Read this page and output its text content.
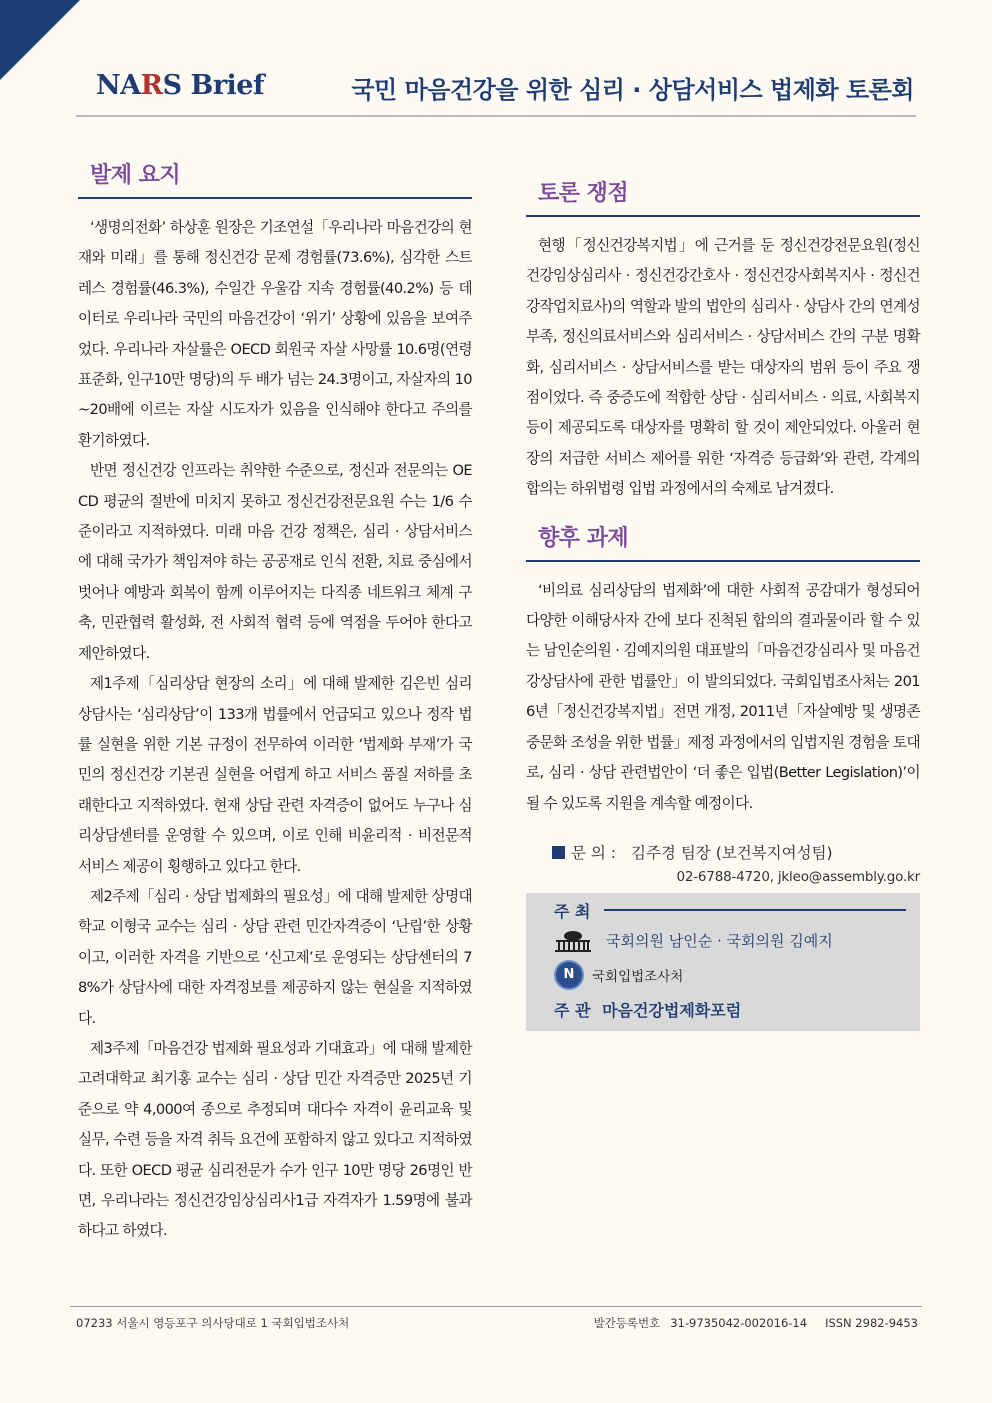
NARS Brief	국민 마음건강을 위한 심리 · 상담서비스 법제화 토론회
발제 요지

‘생명의전화’ 하상훈 원장은 기조연설「우리나라 마음건강의 현재와 미래」를 통해 정신건강 문제 경험률(73.6%), 심각한 스트레스 경험률(46.3%), 수일간 우울감 지속 경험률(40.2%) 등 데이터로 우리나라 국민의 마음건강이 ‘위기’ 상황에 있음을 보여주었다. 우리나라 자살률은 OECD 회원국 자살 사망률 10.6명(연령 표준화, 인구10만 명당)의 두 배가 넘는 24.3명이고, 자살자의 10~20배에 이르는 자살 시도자가 있음을 인식해야 한다고 주의를 환기하였다.

반면 정신건강 인프라는 취약한 수준으로, 정신과 전문의는 OECD 평균의 절반에 미치지 못하고 정신건강전문요원 수는 1/6 수준이라고 지적하였다. 미래 마음 건강 정책은, 심리 · 상담서비스에 대해 국가가 책임져야 하는 공공재로 인식 전환, 치료 중심에서 벗어나 예방과 회복이 함께 이루어지는 다직종 네트워크 체계 구축, 민관협력 활성화, 전 사회적 협력 등에 역점을 두어야 한다고 제안하였다.

제1주제「심리상담 현장의 소리」에 대해 발제한 김은빈 심리상담사는 ‘심리상담’이 133개 법률에서 언급되고 있으나 정작 법률 실현을 위한 기본 규정이 전무하여 이러한 ‘법제화 부재’가 국민의 정신건강 기본권 실현을 어렵게 하고 서비스 품질 저하를 초래한다고 지적하였다. 현재 상담 관련 자격증이 없어도 누구나 심리상담센터를 운영할 수 있으며, 이로 인해 비윤리적 · 비전문적 서비스 제공이 횡행하고 있다고 한다.

제2주제「심리 · 상담 법제화의 필요성」에 대해 발제한 상명대학교 이형국 교수는 심리 · 상담 관련 민간자격증이 ‘난립’한 상황이고, 이러한 자격을 기반으로 ‘신고제’로 운영되는 상담센터의 78%가 상담사에 대한 자격정보를 제공하지 않는 현실을 지적하였다.

제3주제「마음건강 법제화 필요성과 기대효과」에 대해 발제한 고려대학교 최기홍 교수는 심리 · 상담 민간 자격증만 2025년 기준으로 약 4,000여 종으로 추정되며 대다수 자격이 윤리교육 및 실무, 수련 등을 자격 취득 요건에 포함하지 않고 있다고 지적하였다. 또한 OECD 평균 심리전문가 수가 인구 10만 명당 26명인 반면, 우리나라는 정신건강임상심리사1급 자격자가 1.59명에 불과하다고 하였다.

토론 쟁점

현행「정신건강복지법」에 근거를 둔 정신건강전문요원(정신건강임상심리사 · 정신건강간호사 · 정신건강사회복지사 · 정신건강작업치료사)의 역할과 발의 법안의 심리사 · 상담사 간의 연계성 부족, 정신의료서비스와 심리서비스 · 상담서비스 간의 구분 명확화, 심리서비스 · 상담서비스를 받는 대상자의 범위 등이 주요 쟁점이었다. 즉 중증도에 적합한 상담 · 심리서비스 · 의료, 사회복지 등이 제공되도록 대상자를 명확히 할 것이 제안되었다. 아울러 현장의 저급한 서비스 제어를 위한 ‘자격증 등급화’와 관련, 각계의 합의는 하위법령 입법 과정에서의 숙제로 남겨졌다.

향후 과제

‘비의료 심리상담의 법제화’에 대한 사회적 공감대가 형성되어 다양한 이해당사자 간에 보다 진척된 합의의 결과물이라 할 수 있는 남인순의원 · 김예지의원 대표발의「마음건강심리사 및 마음건강상담사에 관한 법률안」이 발의되었다. 국회입법조사처는 2016년「정신건강복지법」전면 개정, 2011년「자살예방 및 생명존중문화 조성을 위한 법률」제정 과정에서의 입법지원 경험을 토대로, 심리 · 상담 관련법안이 ‘더 좋은 입법(Better Legislation)’이 될 수 있도록 지원을 계속할 예정이다.

문 의 : 김주경 팀장 (보건복지여성팀)
02-6788-4720, jkleo@assembly.go.kr
주 최
국회의원 남인순 · 국회의원 김예지
N	국회입법조사처
주 관 마음건강법제화포럼
07233 서울시 영등포구 의사당대로 1 국회입법조사처	발간등록번호 31-9735042-002016-14 ISSN 2982-9453
